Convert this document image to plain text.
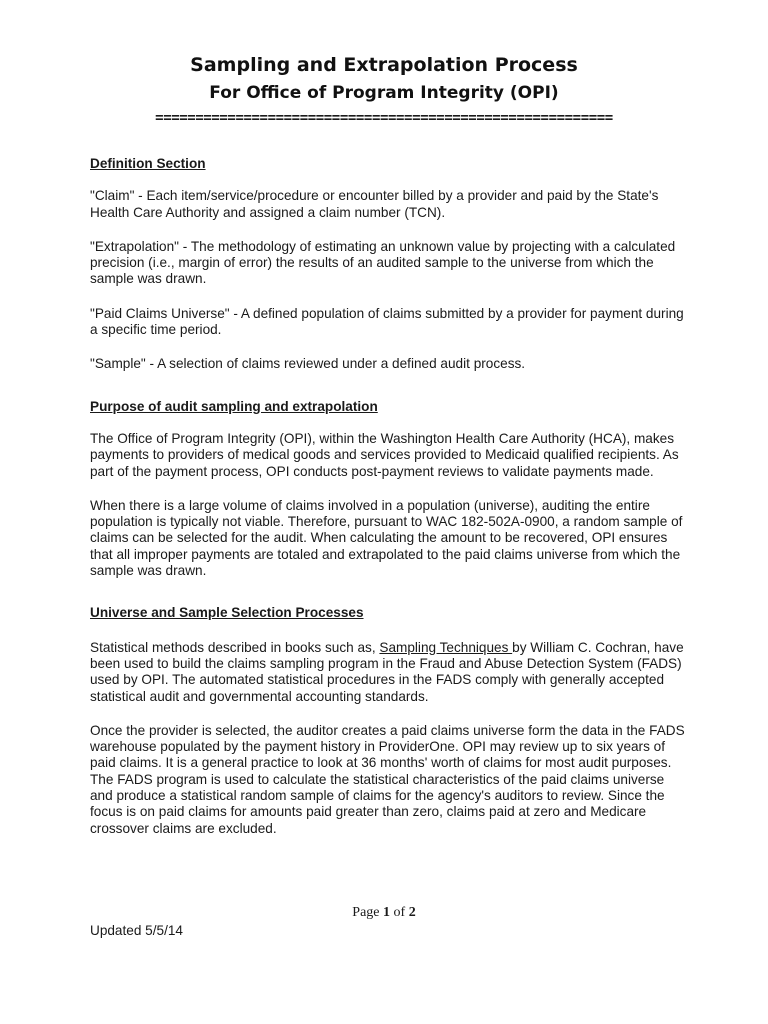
Sampling and Extrapolation Process
For Office of Program Integrity (OPI)
=========================================================
Definition Section

"Claim" - Each item/service/procedure or encounter billed by a provider and paid by the State's Health Care Authority and assigned a claim number (TCN).

"Extrapolation" - The methodology of estimating an unknown value by projecting with a calculated precision (i.e., margin of error) the results of an audited sample to the universe from which the sample was drawn.

"Paid Claims Universe" - A defined population of claims submitted by a provider for payment during a specific time period.

"Sample" - A selection of claims reviewed under a defined audit process.

Purpose of audit sampling and extrapolation

The Office of Program Integrity (OPI), within the Washington Health Care Authority (HCA), makes payments to providers of medical goods and services provided to Medicaid qualified recipients. As part of the payment process, OPI conducts post-payment reviews to validate payments made.

When there is a large volume of claims involved in a population (universe), auditing the entire population is typically not viable. Therefore, pursuant to WAC 182-502A-0900, a random sample of claims can be selected for the audit. When calculating the amount to be recovered, OPI ensures that all improper payments are totaled and extrapolated to the paid claims universe from which the sample was drawn.

Universe and Sample Selection Processes

Statistical methods described in books such as, Sampling Techniques by William C. Cochran, have been used to build the claims sampling program in the Fraud and Abuse Detection System (FADS) used by OPI. The automated statistical procedures in the FADS comply with generally accepted statistical audit and governmental accounting standards.

Once the provider is selected, the auditor creates a paid claims universe form the data in the FADS warehouse populated by the payment history in ProviderOne. OPI may review up to six years of paid claims. It is a general practice to look at 36 months' worth of claims for most audit purposes. The FADS program is used to calculate the statistical characteristics of the paid claims universe and produce a statistical random sample of claims for the agency's auditors to review. Since the focus is on paid claims for amounts paid greater than zero, claims paid at zero and Medicare crossover claims are excluded.

Page 1 of 2
Updated 5/5/14
